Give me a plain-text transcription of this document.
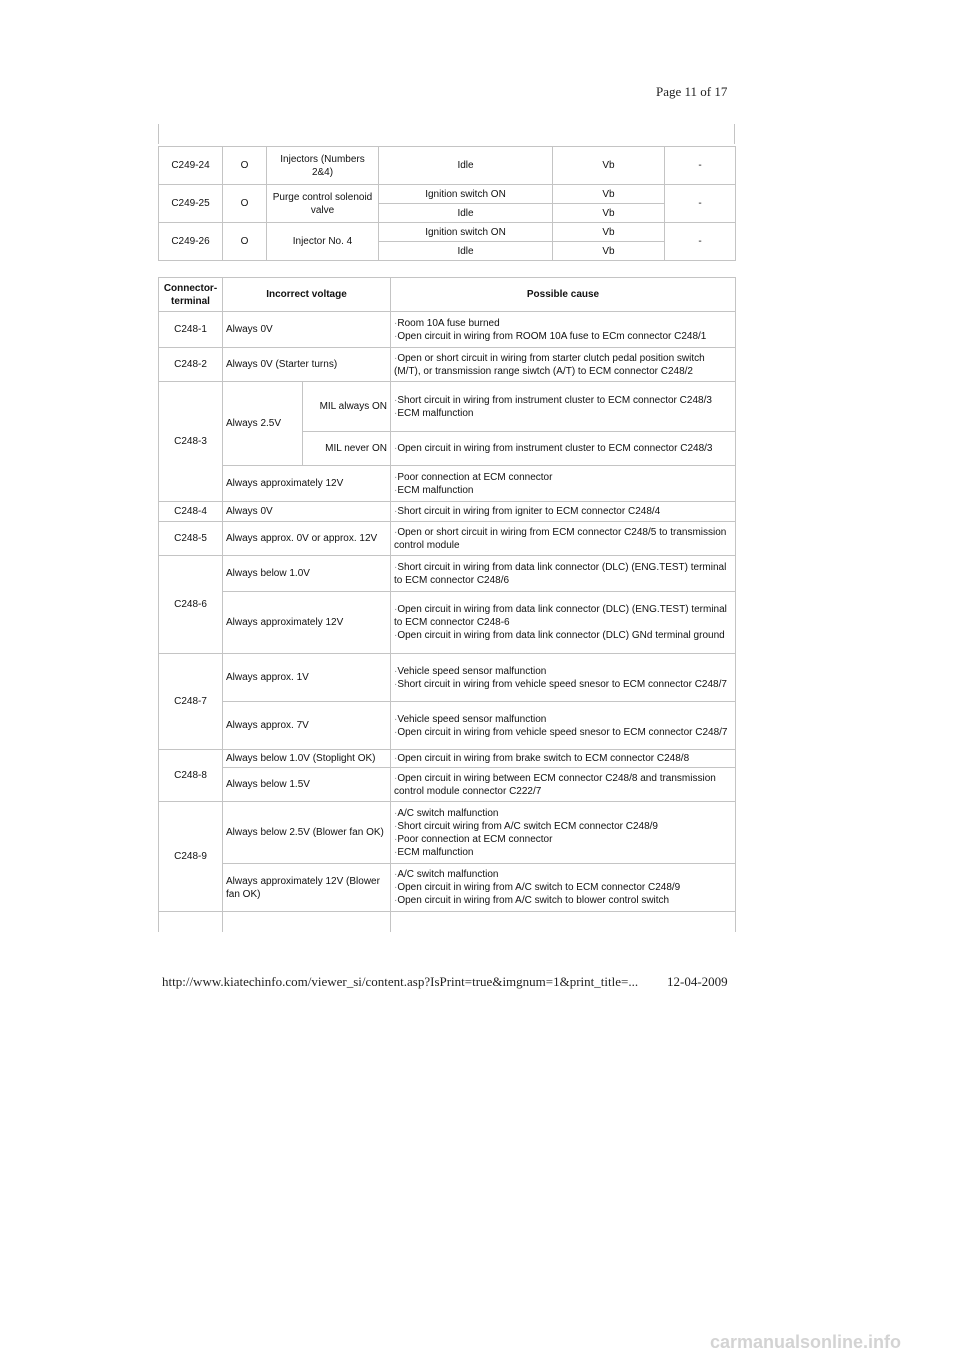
Page 11 of 17
C249-24	O	Injectors (Numbers 2&4)	Idle	Vb	-
C249-25	O	Purge control solenoid valve	Ignition switch ON	Vb	-
			Idle	Vb	
C249-26	O	Injector No. 4	Ignition switch ON	Vb	-
			Idle	Vb	
Connector-terminal	Incorrect voltage		Possible cause
C248-1	Always 0V		· Room 10A fuse burned
· Open circuit in wiring from ROOM 10A fuse to ECm connector C248/1

C248-2	Always 0V (Starter turns)		· Open or short circuit in wiring from starter clutch pedal position switch (M/T), or transmission range siwtch (A/T) to ECM connector C248/2

C248-3	Always 2.5V	MIL always ON	· Short circuit in wiring from instrument cluster to ECM connector C248/3
· ECM malfunction

		MIL never ON	· Open circuit in wiring from instrument cluster to ECM connector C248/3

	Always approximately 12V		· Poor connection at ECM connector
· ECM malfunction

C248-4	Always 0V		· Short circuit in wiring from igniter to ECM connector C248/4

C248-5	Always approx. 0V or approx. 12V		· Open or short circuit in wiring from ECM connector C248/5 to transmission control module

C248-6	Always below 1.0V		· Short circuit in wiring from data link connector (DLC) (ENG.TEST) terminal to ECM connector C248/6

	Always approximately 12V		· Open circuit in wiring from data link connector (DLC) (ENG.TEST) terminal to ECM connector C248-6
· Open circuit in wiring from data link connector (DLC) GNd terminal ground

C248-7	Always approx. 1V		· Vehicle speed sensor malfunction
· Short circuit in wiring from vehicle speed snesor to ECM connector C248/7

	Always approx. 7V		· Vehicle speed sensor malfunction
· Open circuit in wiring from vehicle speed snesor to ECM connector C248/7

C248-8	Always below 1.0V (Stoplight OK)		· Open circuit in wiring from brake switch to ECM connector C248/8

	Always below 1.5V		· Open circuit in wiring between ECM connector C248/8 and transmission control module connector C222/7

C248-9	Always below 2.5V (Blower fan OK)		· A/C switch malfunction
· Short circuit wiring from A/C switch ECM connector C248/9
· Poor connection at ECM connector
· ECM malfunction

	Always approximately 12V (Blower fan OK)		· A/C switch malfunction
· Open circuit in wiring from A/C switch to ECM connector C248/9
· Open circuit in wiring from A/C switch to blower control switch

http://www.kiatechinfo.com/viewer_si/content.asp?IsPrint=true&imgnum=1&print_title=... 12-04-2009
carmanualsonline.info
